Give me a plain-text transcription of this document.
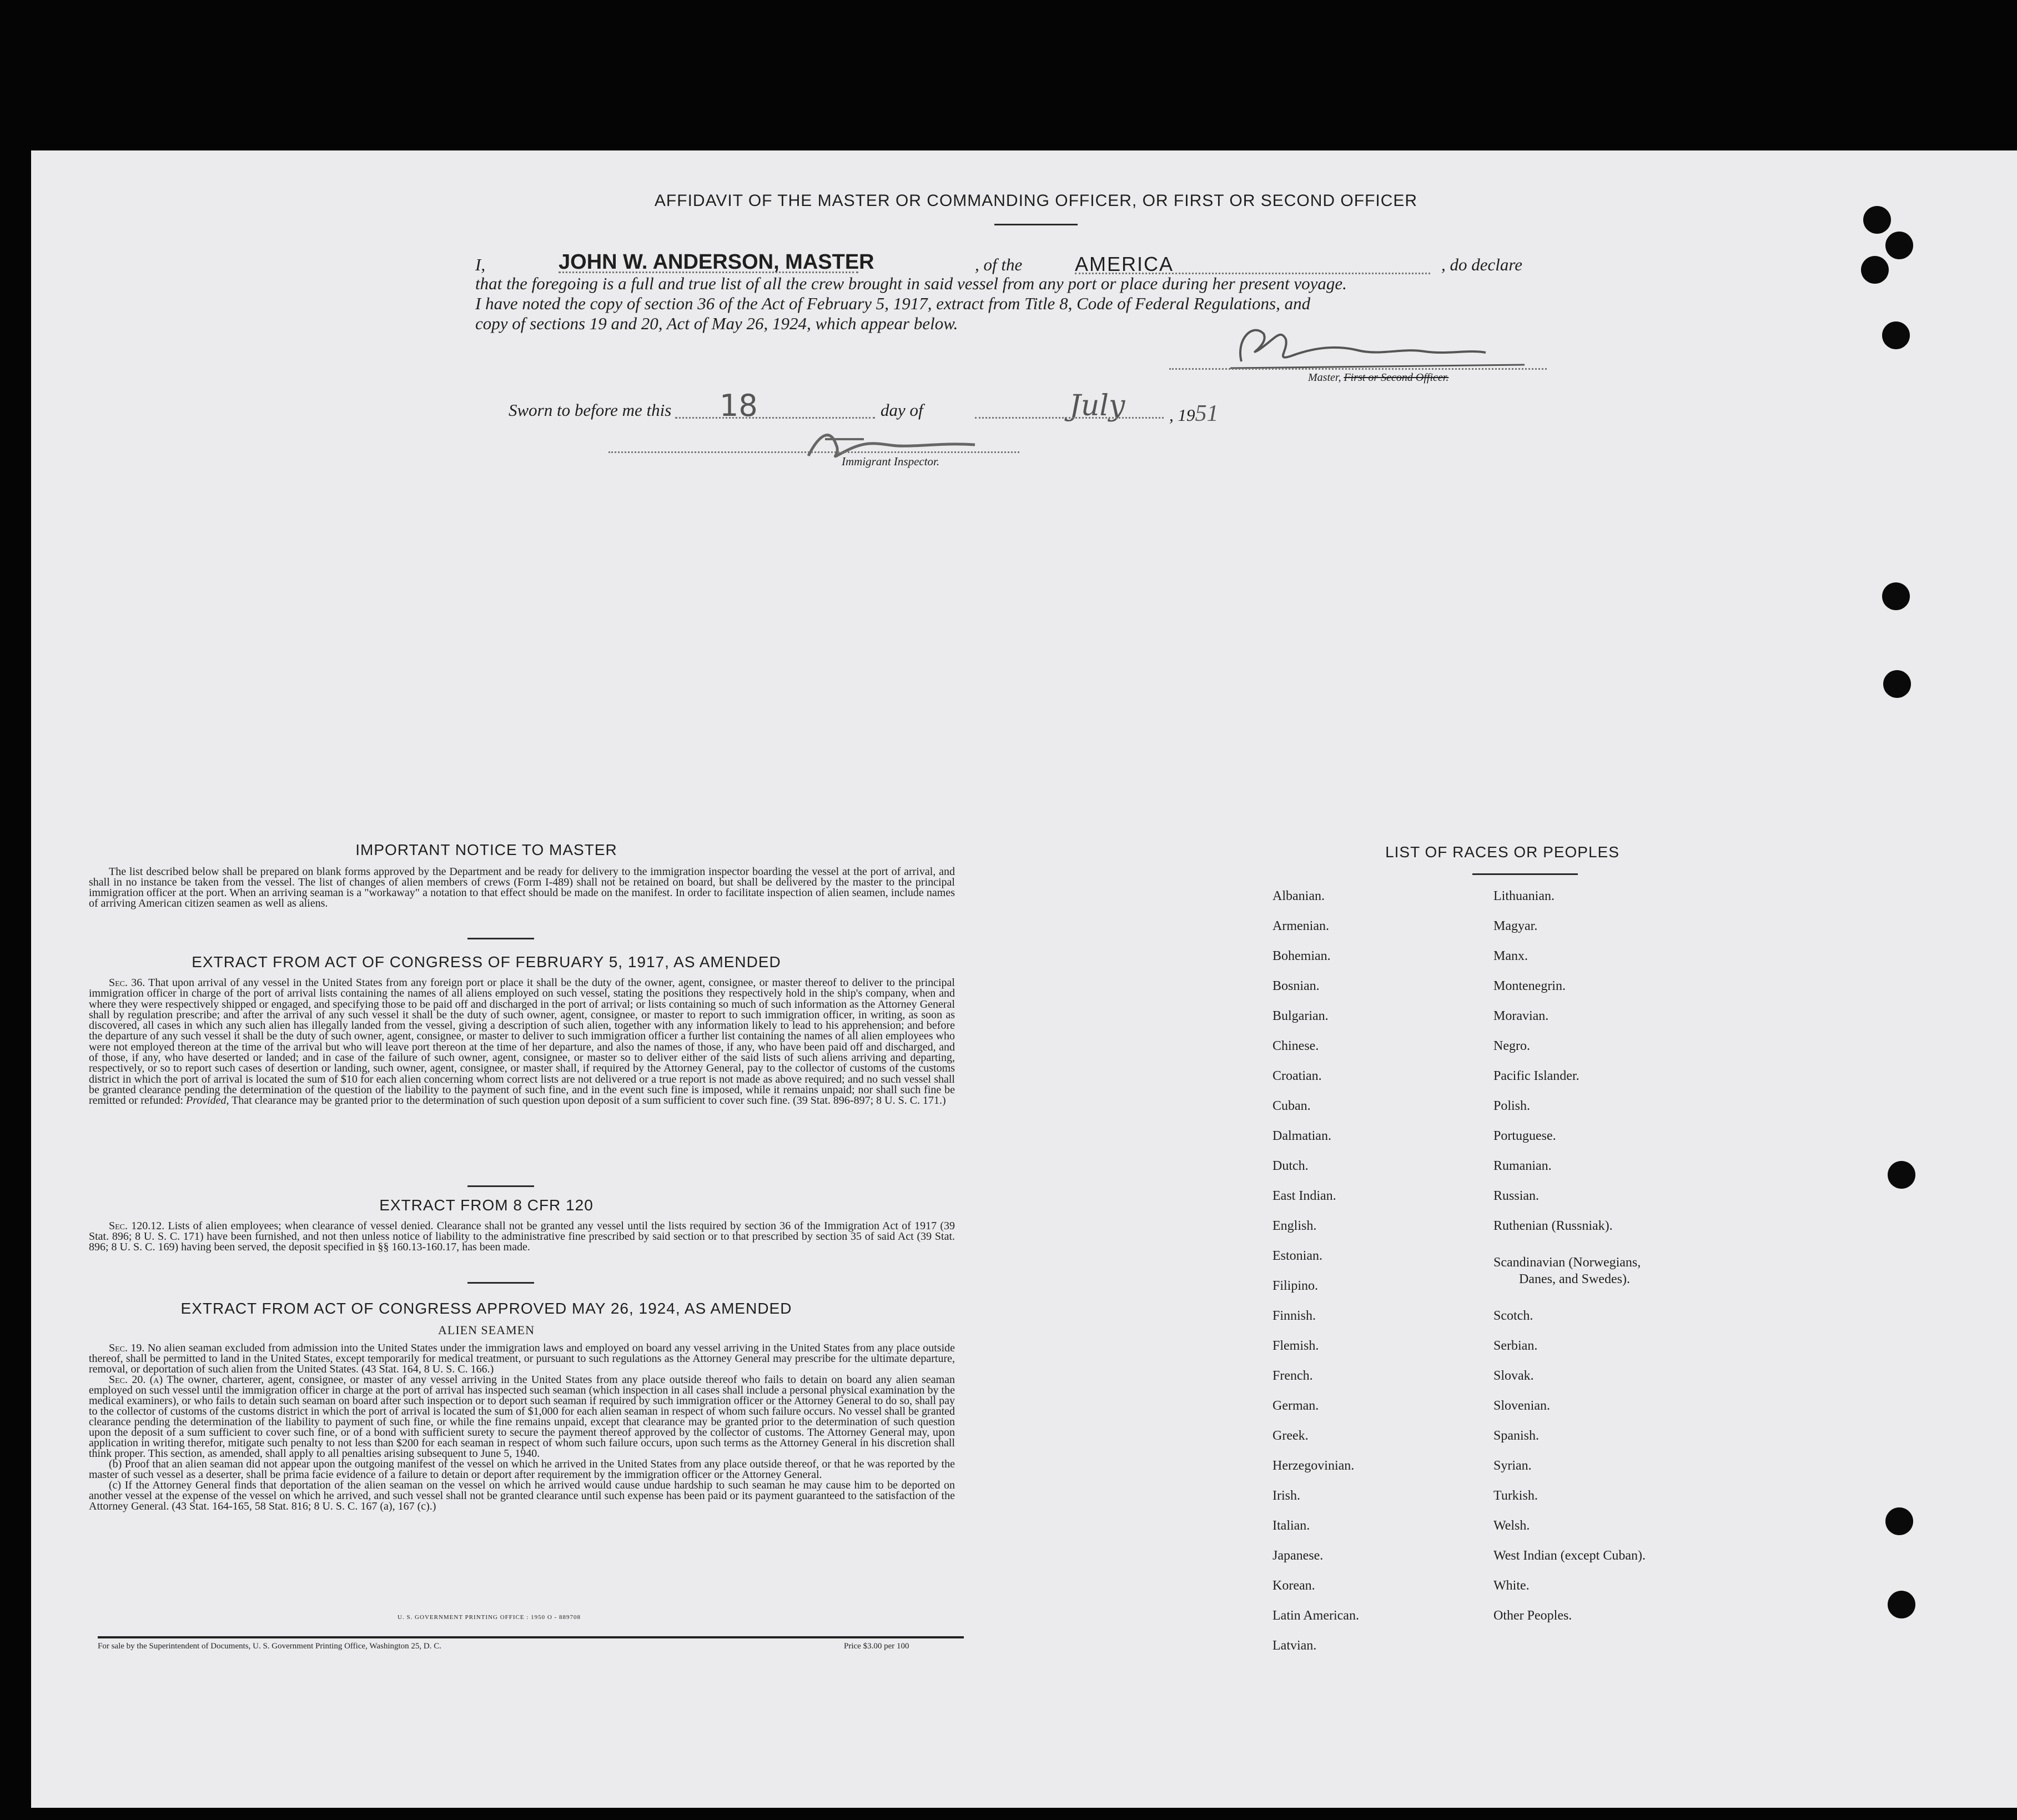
AFFIDAVIT OF THE MASTER OR COMMANDING OFFICER, OR FIRST OR SECOND OFFICER
I,	JOHN W. ANDERSON, MASTER	, of the	AMERICA	, do declare
that the foregoing is a full and true list of all the crew brought in said vessel from any port or place during her present voyage.
I have noted the copy of section 36 of the Act of February 5, 1917, extract from Title 8, Code of Federal Regulations, and
copy of sections 19 and 20, Act of May 26, 1924, which appear below.
Master, First or Second Officer.
Sworn to before me this 18	day of	July	, 1951
Immigrant Inspector.
IMPORTANT NOTICE TO MASTER

The list described below shall be prepared on blank forms approved by the Department and be ready for delivery to the immigration inspector boarding the vessel at the port of arrival, and shall in no instance be taken from the vessel. The list of changes of alien members of crews (Form I-489) shall not be retained on board, but shall be delivered by the master to the principal immigration officer at the port. When an arriving seaman is a "workaway" a notation to that effect should be made on the manifest. In order to facilitate inspection of alien seamen, include names of arriving American citizen seamen as well as aliens.

EXTRACT FROM ACT OF CONGRESS OF FEBRUARY 5, 1917, AS AMENDED

Sec. 36. That upon arrival of any vessel in the United States from any foreign port or place it shall be the duty of the owner, agent, consignee, or master thereof to deliver to the principal immigration officer in charge of the port of arrival lists containing the names of all aliens employed on such vessel, stating the positions they respectively hold in the ship's company, when and where they were respectively shipped or engaged, and specifying those to be paid off and discharged in the port of arrival; or lists containing so much of such information as the Attorney General shall by regulation prescribe; and after the arrival of any such vessel it shall be the duty of such owner, agent, consignee, or master to report to such immigration officer, in writing, as soon as discovered, all cases in which any such alien has illegally landed from the vessel, giving a description of such alien, together with any information likely to lead to his apprehension; and before the departure of any such vessel it shall be the duty of such owner, agent, consignee, or master to deliver to such immigration officer a further list containing the names of all alien employees who were not employed thereon at the time of the arrival but who will leave port thereon at the time of her departure, and also the names of those, if any, who have been paid off and discharged, and of those, if any, who have deserted or landed; and in case of the failure of such owner, agent, consignee, or master so to deliver either of the said lists of such aliens arriving and departing, respectively, or so to report such cases of desertion or landing, such owner, agent, consignee, or master shall, if required by the Attorney General, pay to the collector of customs of the customs district in which the port of arrival is located the sum of $10 for each alien concerning whom correct lists are not delivered or a true report is not made as above required; and no such vessel shall be granted clearance pending the determination of the question of the liability to the payment of such fine, and in the event such fine is imposed, while it remains unpaid; nor shall such fine be remitted or refunded: Provided, That clearance may be granted prior to the determination of such question upon deposit of a sum sufficient to cover such fine. (39 Stat. 896-897; 8 U. S. C. 171.)

EXTRACT FROM 8 CFR 120

Sec. 120.12. Lists of alien employees; when clearance of vessel denied. Clearance shall not be granted any vessel until the lists required by section 36 of the Immigration Act of 1917 (39 Stat. 896; 8 U. S. C. 171) have been furnished, and not then unless notice of liability to the administrative fine prescribed by said section or to that prescribed by section 35 of said Act (39 Stat. 896; 8 U. S. C. 169) having been served, the deposit specified in §§ 160.13-160.17, has been made.

EXTRACT FROM ACT OF CONGRESS APPROVED MAY 26, 1924, AS AMENDED
ALIEN SEAMEN

Sec. 19. No alien seaman excluded from admission into the United States under the immigration laws and employed on board any vessel arriving in the United States from any place outside thereof, shall be permitted to land in the United States, except temporarily for medical treatment, or pursuant to such regulations as the Attorney General may prescribe for the ultimate departure, removal, or deportation of such alien from the United States. (43 Stat. 164, 8 U. S. C. 166.)

Sec. 20. (a) The owner, charterer, agent, consignee, or master of any vessel arriving in the United States from any place outside thereof who fails to detain on board any alien seaman employed on such vessel until the immigration officer in charge at the port of arrival has inspected such seaman (which inspection in all cases shall include a personal physical examination by the medical examiners), or who fails to detain such seaman on board after such inspection or to deport such seaman if required by such immigration officer or the Attorney General to do so, shall pay to the collector of customs of the customs district in which the port of arrival is located the sum of $1,000 for each alien seaman in respect of whom such failure occurs. No vessel shall be granted clearance pending the determination of the liability to payment of such fine, or while the fine remains unpaid, except that clearance may be granted prior to the determination of such question upon the deposit of a sum sufficient to cover such fine, or of a bond with sufficient surety to secure the payment thereof approved by the collector of customs. The Attorney General may, upon application in writing therefor, mitigate such penalty to not less than $200 for each seaman in respect of whom such failure occurs, upon such terms as the Attorney General in his discretion shall think proper. This section, as amended, shall apply to all penalties arising subsequent to June 5, 1940.

(b) Proof that an alien seaman did not appear upon the outgoing manifest of the vessel on which he arrived in the United States from any place outside thereof, or that he was reported by the master of such vessel as a deserter, shall be prima facie evidence of a failure to detain or deport after requirement by the immigration officer or the Attorney General.

(c) If the Attorney General finds that deportation of the alien seaman on the vessel on which he arrived would cause undue hardship to such seaman he may cause him to be deported on another vessel at the expense of the vessel on which he arrived, and such vessel shall not be granted clearance until such expense has been paid or its payment guaranteed to the satisfaction of the Attorney General. (43 Stat. 164-165, 58 Stat. 816; 8 U. S. C. 167 (a), 167 (c).)

U. S. GOVERNMENT PRINTING OFFICE : 1950 O - 889708
For sale by the Superintendent of Documents, U. S. Government Printing Office, Washington 25, D. C.	Price $3.00 per 100
LIST OF RACES OR PEOPLES
Albanian.
Armenian.
Bohemian.
Bosnian.
Bulgarian.
Chinese.
Croatian.
Cuban.
Dalmatian.
Dutch.
East Indian.
English.
Estonian.
Filipino.
Finnish.
Flemish.
French.
German.
Greek.
Herzegovinian.
Irish.
Italian.
Japanese.
Korean.
Latin American.
Latvian.
Lithuanian.
Magyar.
Manx.
Montenegrin.
Moravian.
Negro.
Pacific Islander.
Polish.
Portuguese.
Rumanian.
Russian.
Ruthenian (Russniak).
Scandinavian (Norwegians,
Danes, and Swedes).
Scotch.
Serbian.
Slovak.
Slovenian.
Spanish.
Syrian.
Turkish.
Welsh.
West Indian (except Cuban).
White.
Other Peoples.
